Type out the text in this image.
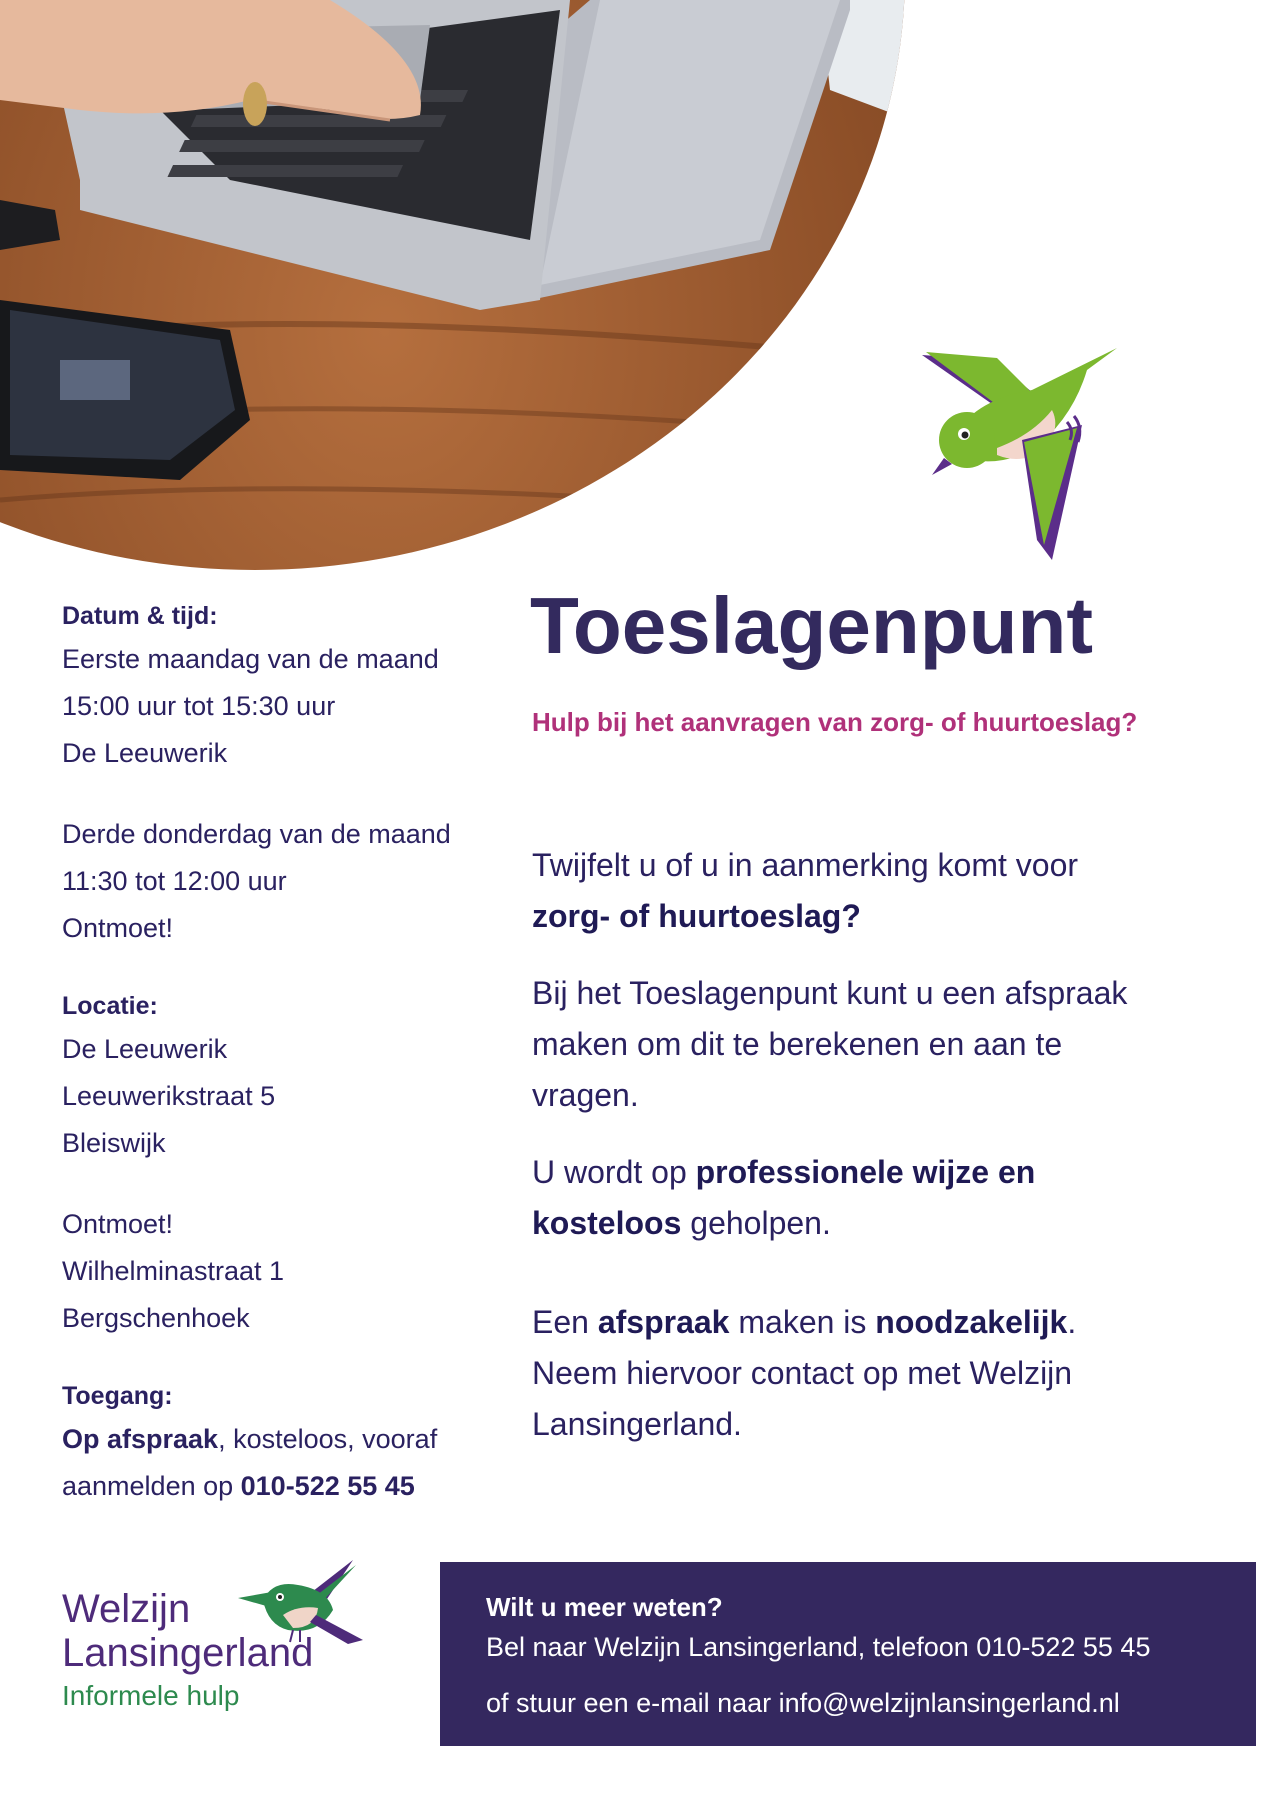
Datum & tijd:
Eerste maandag van de maand
15:00 uur tot 15:30 uur
De Leeuwerik
Derde donderdag van de maand
11:30 tot 12:00 uur
Ontmoet!
Locatie:
De Leeuwerik
Leeuwerikstraat 5
Bleiswijk
Ontmoet!
Wilhelminastraat 1
Bergschenhoek
Toegang:
Op afspraak, kosteloos, vooraf
aanmelden op 010-522 55 45
Toeslagenpunt
Hulp bij het aanvragen van zorg- of huurtoeslag?

Twijfelt u of u in aanmerking komt voor
zorg- of huurtoeslag?

Bij het Toeslagenpunt kunt u een afspraak
maken om dit te berekenen en aan te
vragen.

U wordt op professionele wijze en
kosteloos geholpen.

Een afspraak maken is noodzakelijk.
Neem hiervoor contact op met Welzijn
Lansingerland.

Welzijn
Lansingerland
Informele hulp
Wilt u meer weten?
Bel naar Welzijn Lansingerland, telefoon 010-522 55 45
of stuur een e-mail naar info@welzijnlansingerland.nl
